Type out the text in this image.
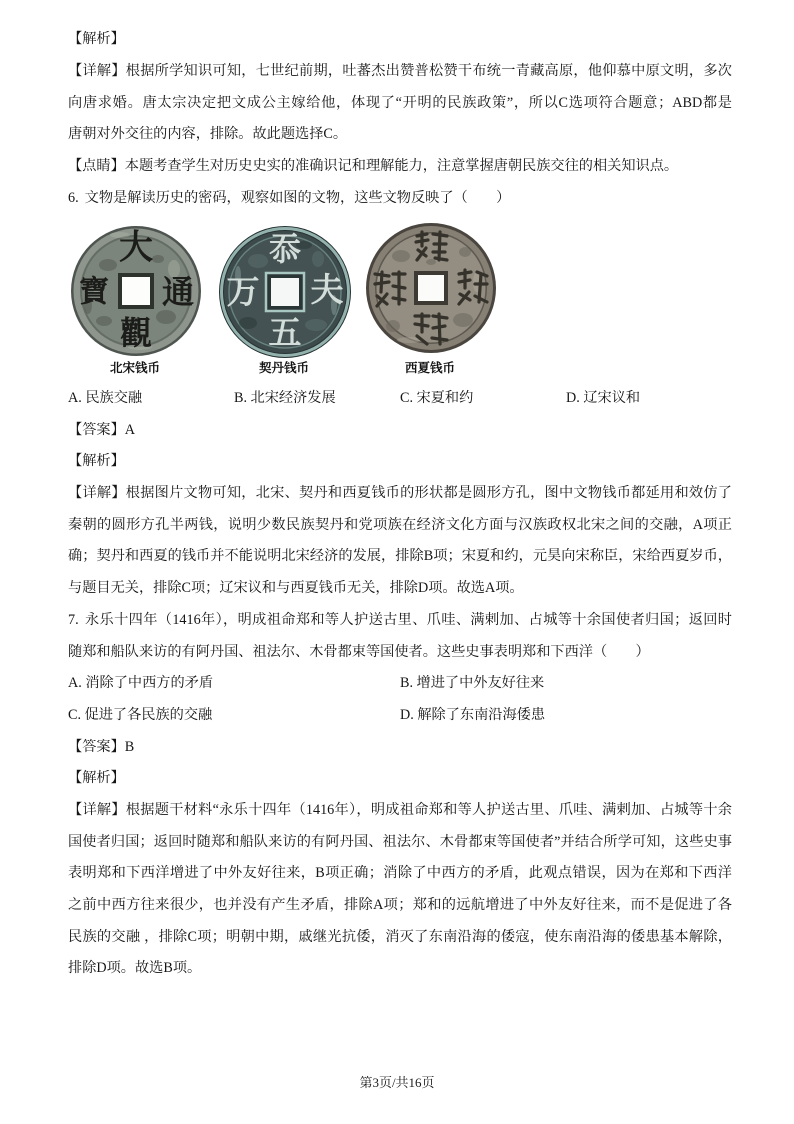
【解析】
【详解】根据所学知识可知，七世纪前期，吐蕃杰出赞普松赞干布统一青藏高原，他仰慕中原文明，多次
向唐求婚。唐太宗决定把文成公主嫁给他，体现了“开明的民族政策”，所以C选项符合题意；ABD都是
唐朝对外交往的内容，排除。故此题选择C。
【点睛】本题考查学生对历史史实的准确识记和理解能力，注意掌握唐朝民族交往的相关知识点。
6. 文物是解读历史的密码，观察如图的文物，这些文物反映了（　　）
大
通
觀
寶
忝
夫
五
万
北宋钱币	契丹钱币	西夏钱币
A. 民族交融	B. 北宋经济发展	C. 宋夏和约	D. 辽宋议和
【答案】A
【解析】
【详解】根据图片文物可知，北宋、契丹和西夏钱币的形状都是圆形方孔，图中文物钱币都延用和效仿了
秦朝的圆形方孔半两钱，说明少数民族契丹和党项族在经济文化方面与汉族政权北宋之间的交融，A项正
确；契丹和西夏的钱币并不能说明北宋经济的发展，排除B项；宋夏和约，元昊向宋称臣，宋给西夏岁币，
与题目无关，排除C项；辽宋议和与西夏钱币无关，排除D项。故选A项。
7. 永乐十四年（1416年），明成祖命郑和等人护送古里、爪哇、满剌加、占城等十余国使者归国；返回时
随郑和船队来访的有阿丹国、祖法尔、木骨都束等国使者。这些史事表明郑和下西洋（　　）
A. 消除了中西方的矛盾	B. 增进了中外友好往来
C. 促进了各民族的交融	D. 解除了东南沿海倭患
【答案】B
【解析】
【详解】根据题干材料“永乐十四年（1416年），明成祖命郑和等人护送古里、爪哇、满剌加、占城等十余
国使者归国；返回时随郑和船队来访的有阿丹国、祖法尔、木骨都束等国使者”并结合所学可知，这些史事
表明郑和下西洋增进了中外友好往来，B项正确；消除了中西方的矛盾，此观点错误，因为在郑和下西洋
之前中西方往来很少，也并没有产生矛盾，排除A项；郑和的远航增进了中外友好往来，而不是促进了各
民族的交融 ，排除C项；明朝中期，戚继光抗倭，消灭了东南沿海的倭寇，使东南沿海的倭患基本解除，
排除D项。故选B项。
第3页/共16页
